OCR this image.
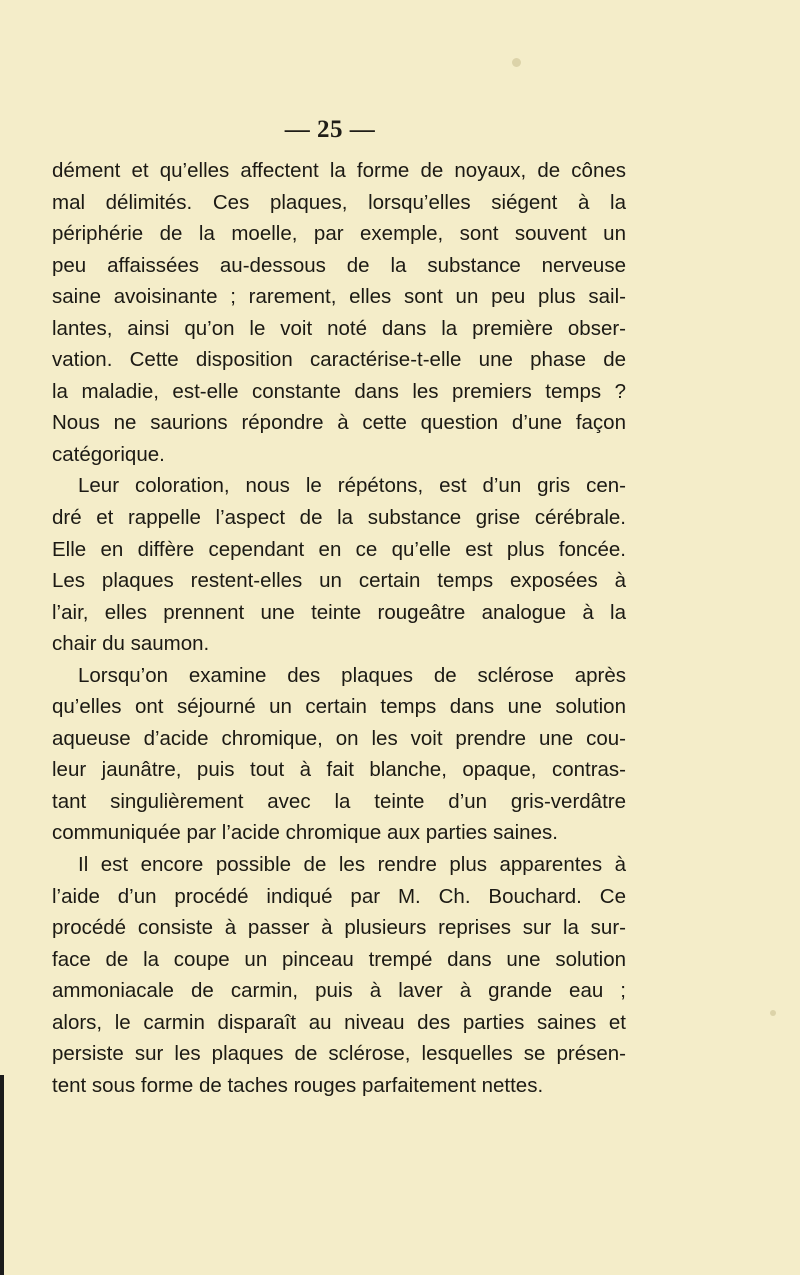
— 25 —
dément et qu’elles affectent la forme de noyaux, de cônes
mal délimités. Ces plaques, lorsqu’elles siégent à la
périphérie de la moelle, par exemple, sont souvent un
peu affaissées au-dessous de la substance nerveuse
saine avoisinante ; rarement, elles sont un peu plus sail-
lantes, ainsi qu’on le voit noté dans la première obser-
vation. Cette disposition caractérise-t-elle une phase de
la maladie, est-elle constante dans les premiers temps ?
Nous ne saurions répondre à cette question d’une façon
catégorique.
Leur coloration, nous le répétons, est d’un gris cen-
dré et rappelle l’aspect de la substance grise cérébrale.
Elle en diffère cependant en ce qu’elle est plus foncée.
Les plaques restent-elles un certain temps exposées à
l’air, elles prennent une teinte rougeâtre analogue à la
chair du saumon.
Lorsqu’on examine des plaques de sclérose après
qu’elles ont séjourné un certain temps dans une solution
aqueuse d’acide chromique, on les voit prendre une cou-
leur jaunâtre, puis tout à fait blanche, opaque, contras-
tant singulièrement avec la teinte d’un gris-verdâtre
communiquée par l’acide chromique aux parties saines.
Il est encore possible de les rendre plus apparentes à
l’aide d’un procédé indiqué par M. Ch. Bouchard. Ce
procédé consiste à passer à plusieurs reprises sur la sur-
face de la coupe un pinceau trempé dans une solution
ammoniacale de carmin, puis à laver à grande eau ;
alors, le carmin disparaît au niveau des parties saines et
persiste sur les plaques de sclérose, lesquelles se présen-
tent sous forme de taches rouges parfaitement nettes.
